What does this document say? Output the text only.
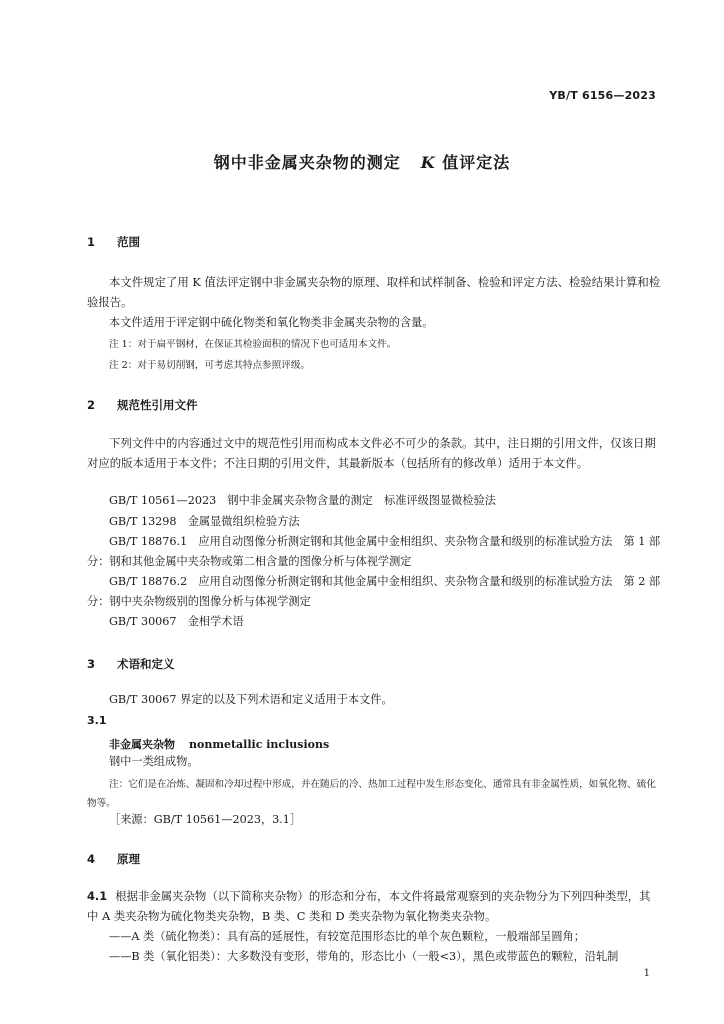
YB/T 6156—2023
钢中非金属夹杂物的测定 K 值评定法
1 范围
本文件规定了用 K 值法评定钢中非金属夹杂物的原理、取样和试样制备、检验和评定方法、检验结果计算和检验报告。
本文件适用于评定钢中硫化物类和氧化物类非金属夹杂物的含量。
注 1：对于扁平钢材，在保证其检验面积的情况下也可适用本文件。
注 2：对于易切削钢，可考虑其特点参照评级。
2 规范性引用文件
下列文件中的内容通过文中的规范性引用而构成本文件必不可少的条款。其中，注日期的引用文件，仅该日期对应的版本适用于本文件；不注日期的引用文件，其最新版本（包括所有的修改单）适用于本文件。
GB/T 10561—2023　钢中非金属夹杂物含量的测定　标准评级图显微检验法
GB/T 13298　金属显微组织检验方法
GB/T 18876.1　应用自动图像分析测定钢和其他金属中金相组织、夹杂物含量和级别的标准试验方法　第 1 部分：钢和其他金属中夹杂物或第二相含量的图像分析与体视学测定
GB/T 18876.2　应用自动图像分析测定钢和其他金属中金相组织、夹杂物含量和级别的标准试验方法　第 2 部分：钢中夹杂物级别的图像分析与体视学测定
GB/T 30067　金相学术语
3 术语和定义
GB/T 30067 界定的以及下列术语和定义适用于本文件。
3.1
非金属夹杂物 nonmetallic inclusions
钢中一类组成物。
注：它们是在冶炼、凝固和冷却过程中形成，并在随后的冷、热加工过程中发生形态变化、通常具有非金属性质，如氧化物、硫化物等。
［来源：GB/T 10561—2023，3.1］
4 原理
4.1 根据非金属夹杂物（以下简称夹杂物）的形态和分布，本文件将最常观察到的夹杂物分为下列四种类型，其中 A 类夹杂物为硫化物类夹杂物，B 类、C 类和 D 类夹杂物为氧化物类夹杂物。
——A 类（硫化物类）：具有高的延展性，有较宽范围形态比的单个灰色颗粒，一般端部呈圆角；
——B 类（氧化铝类）：大多数没有变形，带角的，形态比小（一般<3），黑色或带蓝色的颗粒，沿轧制
1
